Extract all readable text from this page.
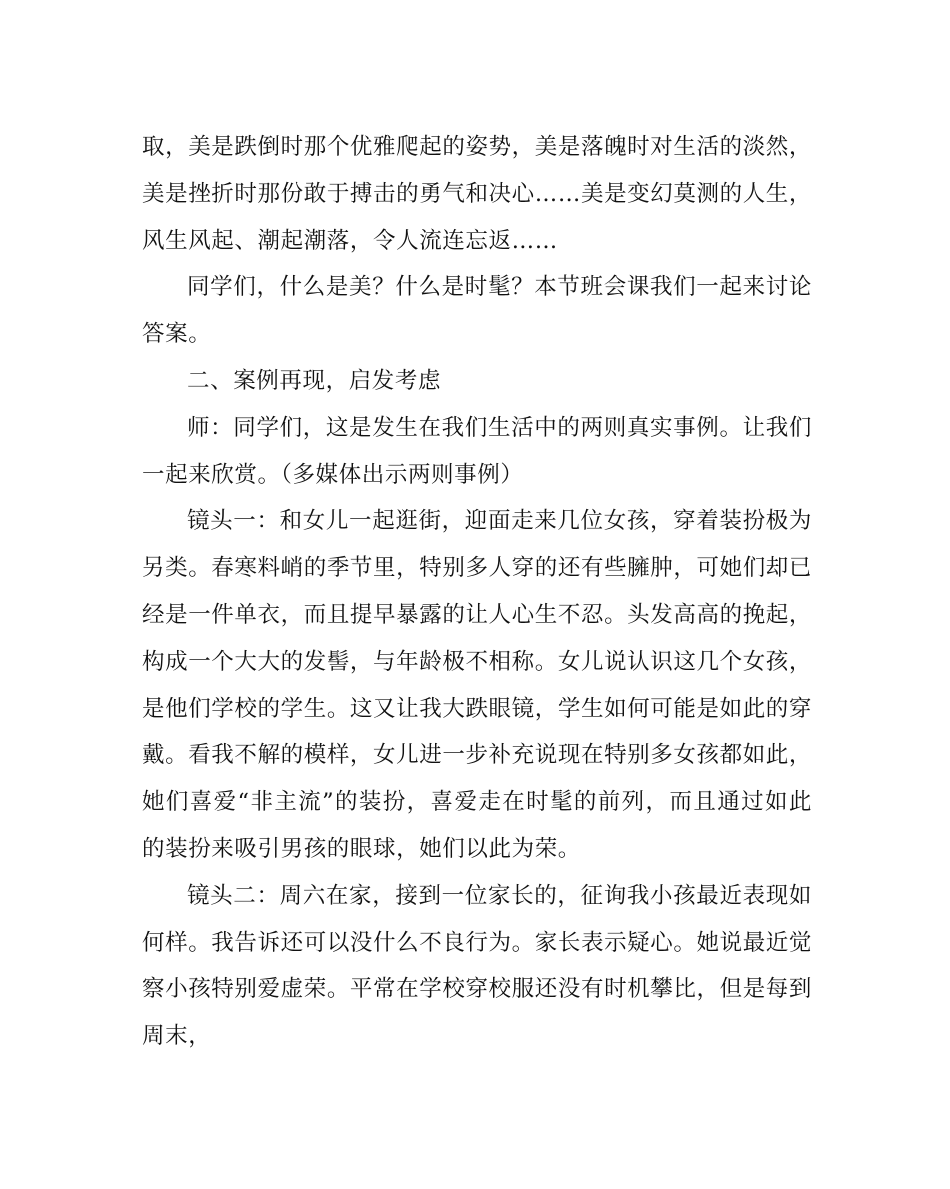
取，美是跌倒时那个优雅爬起的姿势，美是落魄时对生活的淡然，美是挫折时那份敢于搏击的勇气和决心……美是变幻莫测的人生，风生风起、潮起潮落，令人流连忘返……

同学们，什么是美？什么是时髦？本节班会课我们一起来讨论答案。

二、案例再现，启发考虑

师：同学们，这是发生在我们生活中的两则真实事例。让我们一起来欣赏。（多媒体出示两则事例）

镜头一：和女儿一起逛街，迎面走来几位女孩，穿着装扮极为另类。春寒料峭的季节里，特别多人穿的还有些臃肿，可她们却已经是一件单衣，而且提早暴露的让人心生不忍。头发高高的挽起，构成一个大大的发髻，与年龄极不相称。女儿说认识这几个女孩，是他们学校的学生。这又让我大跌眼镜，学生如何可能是如此的穿戴。看我不解的模样，女儿进一步补充说现在特别多女孩都如此，她们喜爱“非主流”的装扮，喜爱走在时髦的前列，而且通过如此的装扮来吸引男孩的眼球，她们以此为荣。

镜头二：周六在家，接到一位家长的，征询我小孩最近表现如何样。我告诉还可以没什么不良行为。家长表示疑心。她说最近觉察小孩特别爱虚荣。平常在学校穿校服还没有时机攀比，但是每到周末，
